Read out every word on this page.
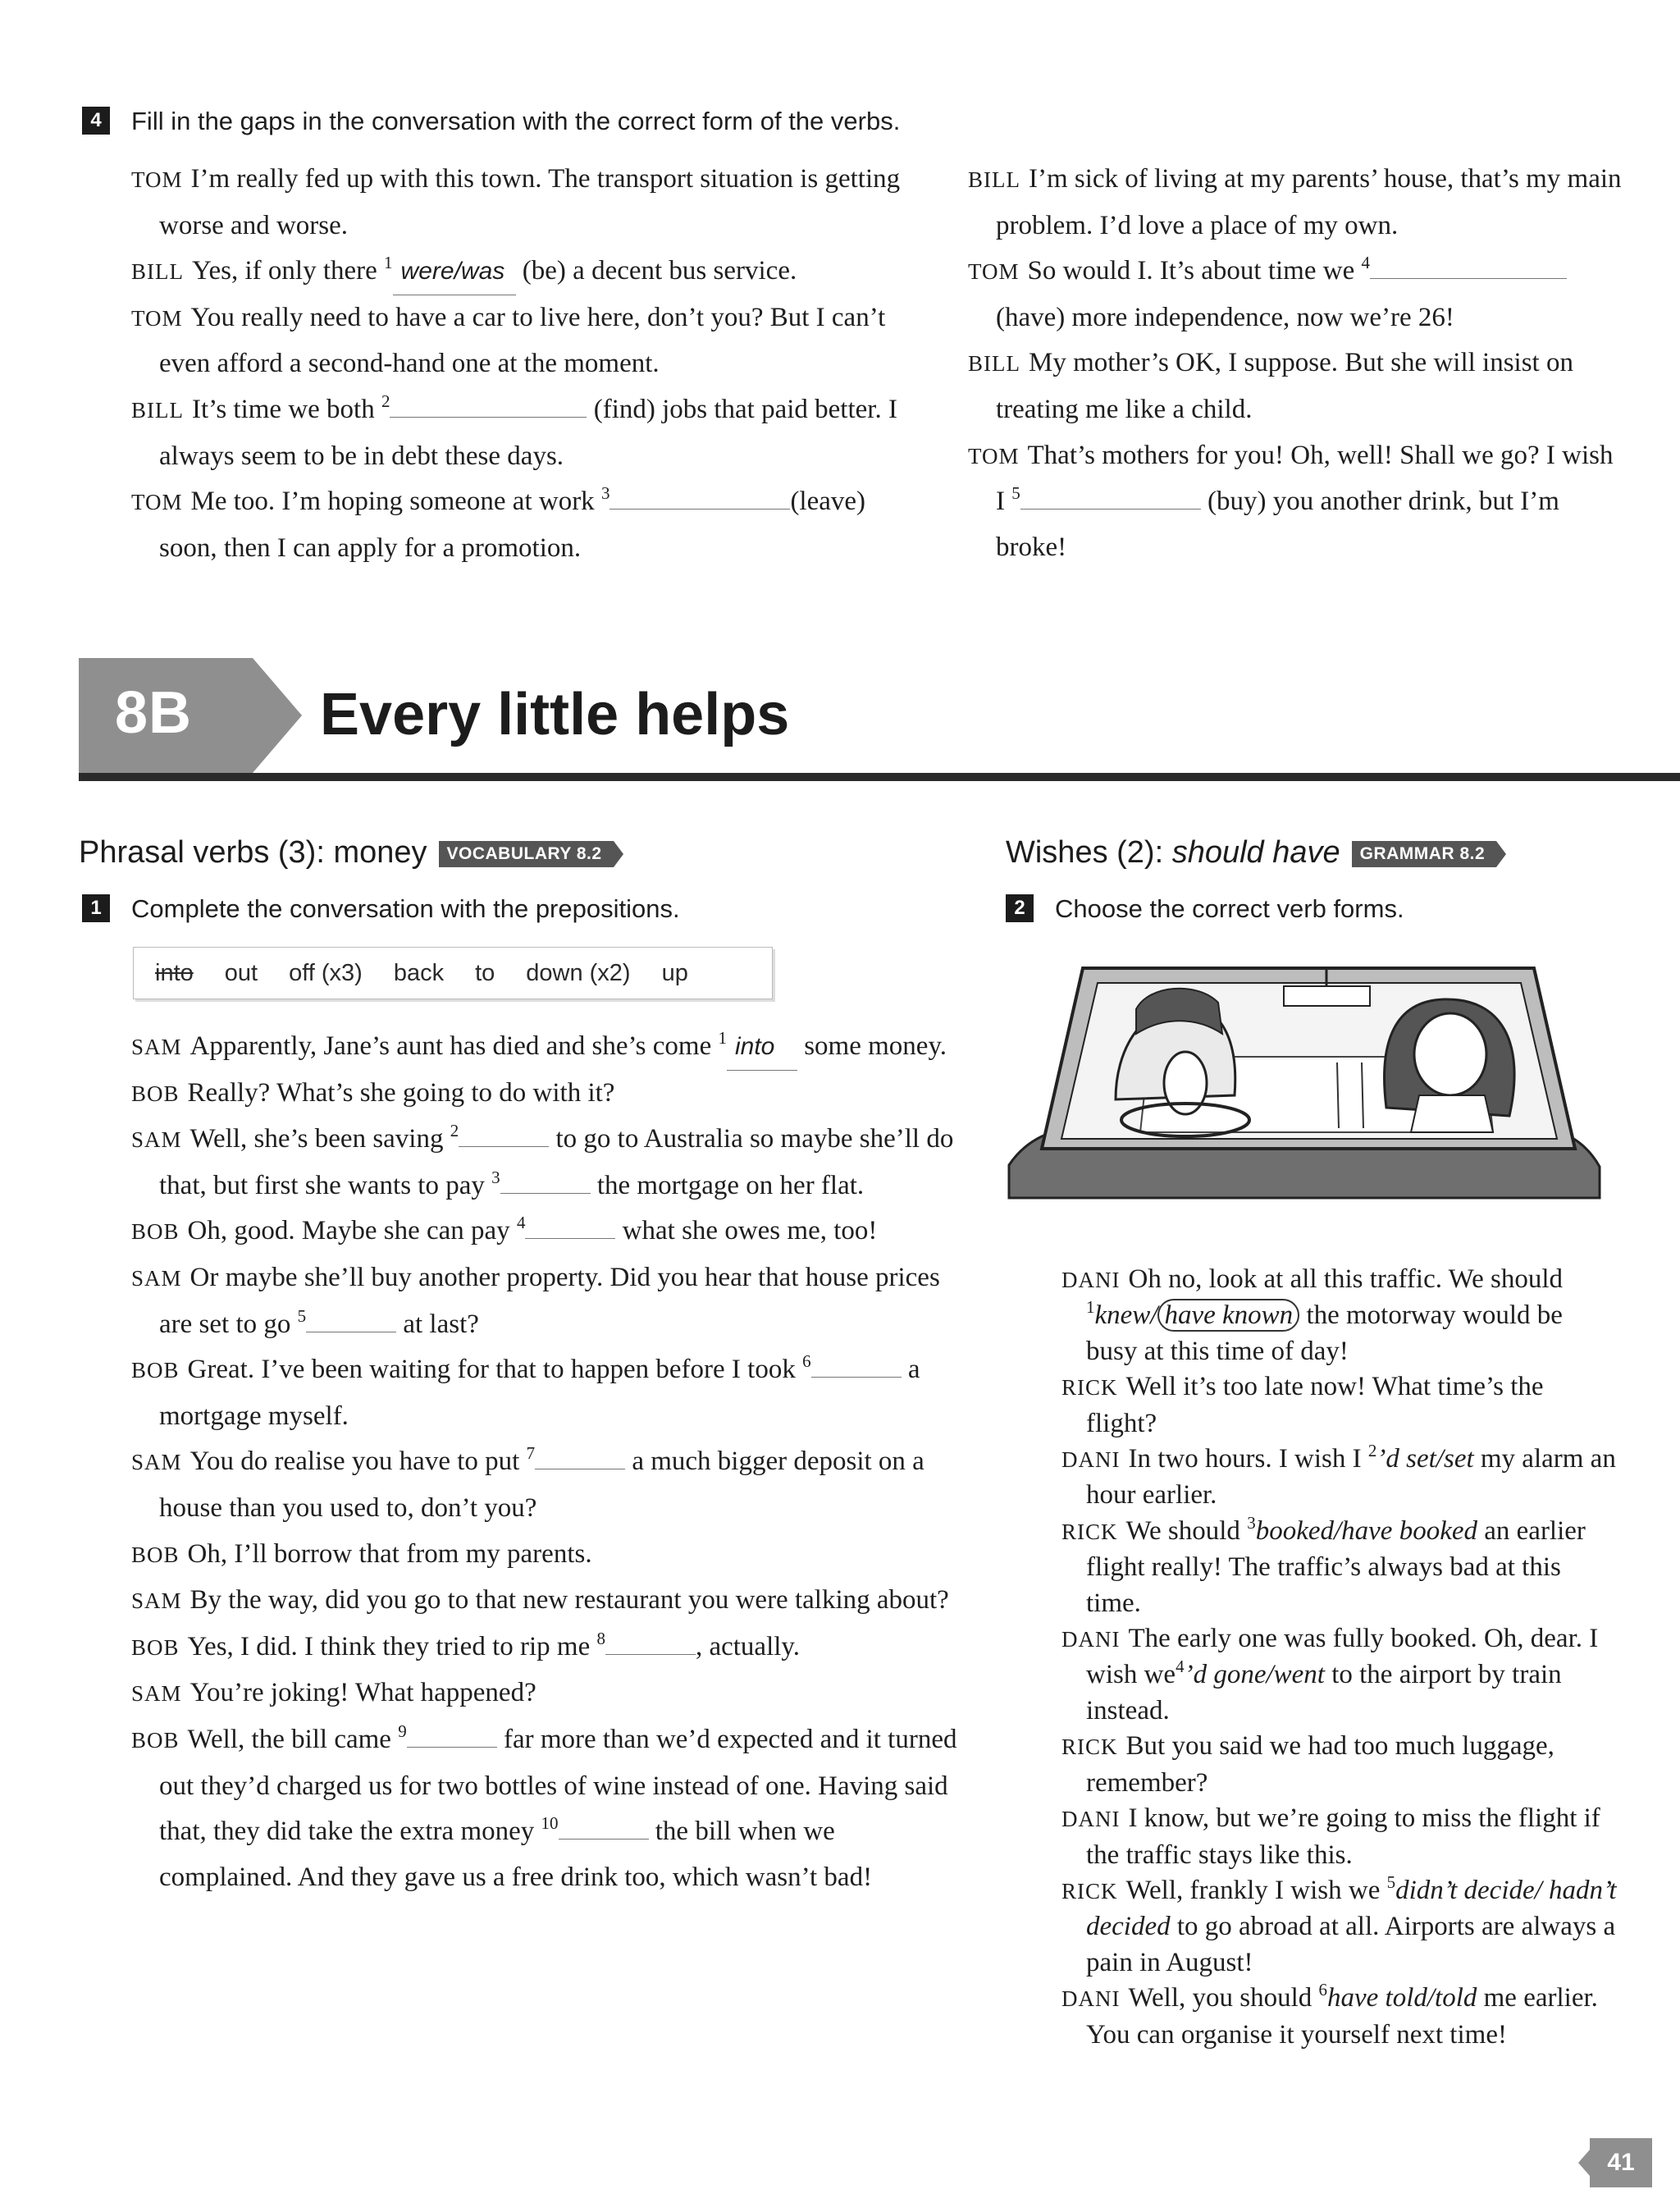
4 Fill in the gaps in the conversation with the correct form of the verbs.
TOM I’m really fed up with this town. The transport situation is getting worse and worse.
BILL Yes, if only there $^1$ were/was (be) a decent bus service.
TOM You really need to have a car to live here, don’t you? But I can’t even afford a second-hand one at the moment.
BILL It’s time we both $^2$	(find) jobs that paid better. I always seem to be in debt these days.
TOM Me too. I’m hoping someone at work $^3$	(leave) soon, then I can apply for a promotion.
BILL I’m sick of living at my parents’ house, that’s my main problem. I’d love a place of my own.
TOM So would I. It’s about time we $^4$ (have) more independence, now we’re 26!
BILL My mother’s OK, I suppose. But she will insist on treating me like a child.
TOM That’s mothers for you! Oh, well! Shall we go? I wish I $^5$	(buy) you another drink, but I’m broke!
8B Every little helps
Phrasal verbs (3): money VOCABULARY 8.2
1 Complete the conversation with the prepositions.
into out off (x3) back to down (x2) up
SAM Apparently, Jane’s aunt has died and she’s come $^1$ into some money.
BOB Really? What’s she going to do with it?
SAM Well, she’s been saving $^2$	to go to Australia so maybe she’ll do that, but first she wants to pay $^3$	the mortgage on her flat.
BOB Oh, good. Maybe she can pay $^4$	what she owes me, too!
SAM Or maybe she’ll buy another property. Did you hear that house prices are set to go $^5$	at last?
BOB Great. I’ve been waiting for that to happen before I took $^6$	a mortgage myself.
SAM You do realise you have to put $^7$	a much bigger deposit on a house than you used to, don’t you?
BOB Oh, I’ll borrow that from my parents.
SAM By the way, did you go to that new restaurant you were talking about?
BOB Yes, I did. I think they tried to rip me $^8$	, actually.
SAM You’re joking! What happened?
BOB Well, the bill came $^9$	far more than we’d expected and it turned out they’d charged us for two bottles of wine instead of one. Having said that, they did take the extra money $^{10}$	the bill when we complained. And they gave us a free drink too, which wasn’t bad!
Wishes (2): should have GRAMMAR 8.2
2 Choose the correct verb forms.
DANI Oh no, look at all this traffic. We should $^1$knew/ have known the motorway would be busy at this time of day!
RICK Well it’s too late now! What time’s the flight?
DANI In two hours. I wish I $^2$’d set/set my alarm an hour earlier.
RICK We should $^3$booked/have booked an earlier flight really! The traffic’s always bad at this time.
DANI The early one was fully booked. Oh, dear. I wish $we^4’d$ gone/went to the airport by train instead.
RICK But you said we had too much luggage, remember?
DANI I know, but we’re going to miss the flight if the traffic stays like this.
RICK Well, frankly I wish we $^5$didn’t decide/ hadn’t decided to go abroad at all. Airports are always a pain in August!
DANI Well, you should $^6$have told/told me earlier. You can organise it yourself next time!
41
